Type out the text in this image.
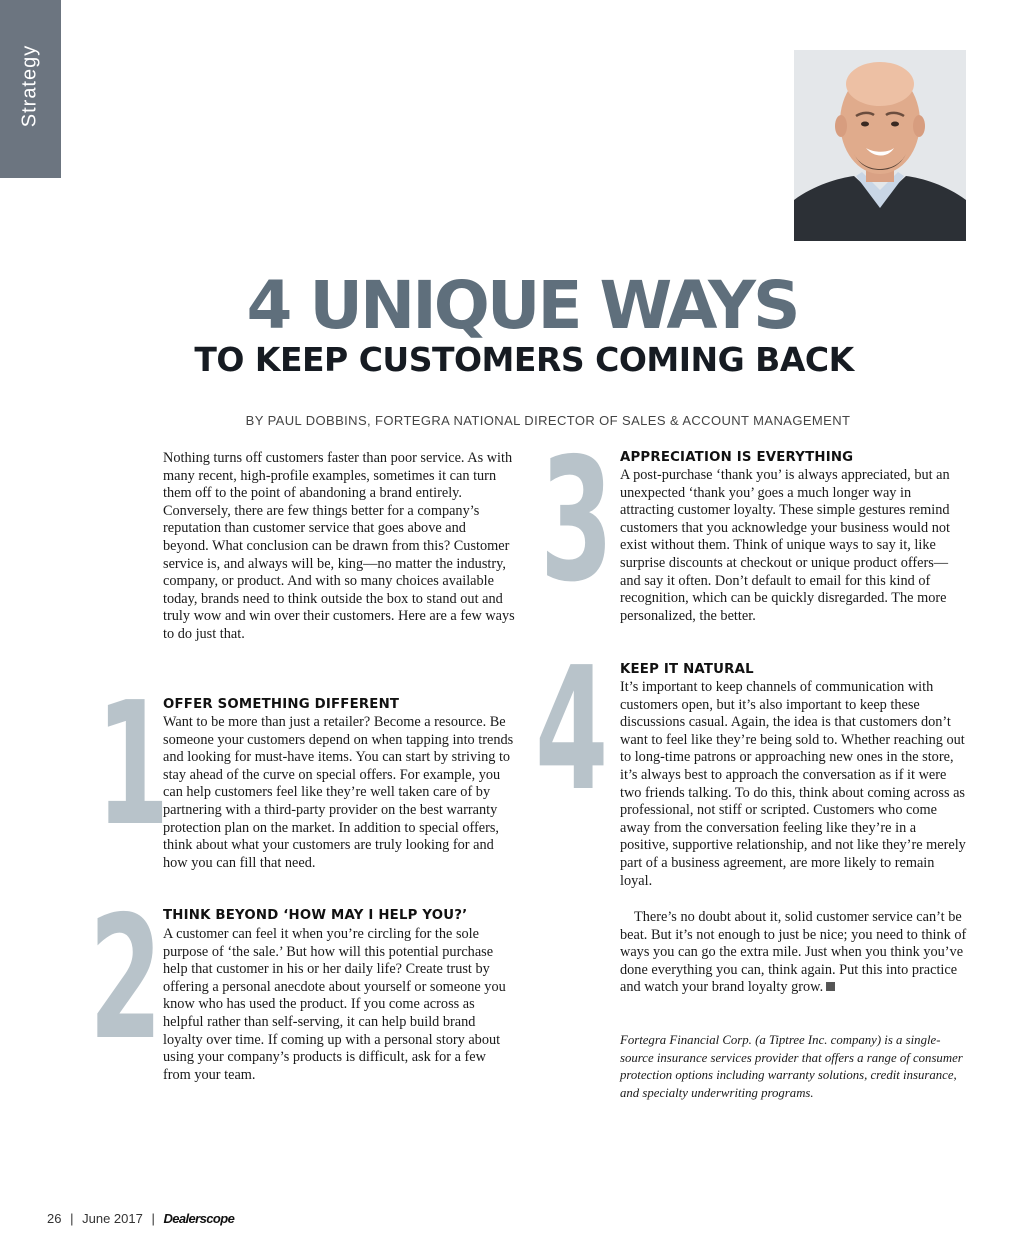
Strategy
4 UNIQUE WAYS
TO KEEP CUSTOMERS COMING BACK
BY PAUL DOBBINS, FORTEGRA NATIONAL DIRECTOR OF SALES & ACCOUNT MANAGEMENT

Nothing turns off customers faster than poor service. As with many recent, high-profile examples, sometimes it can turn them off to the point of abandoning a brand entirely. Conversely, there are few things better for a company’s reputation than customer service that goes above and beyond. What conclusion can be drawn from this? Customer service is, and always will be, king—no matter the industry, company, or product. And with so many choices available today, brands need to think outside the box to stand out and truly wow and win over their customers. Here are a few ways to do just that.

1
OFFER SOMETHING DIFFERENT

Want to be more than just a retailer? Become a resource. Be someone your customers depend on when tapping into trends and looking for must-have items. You can start by striving to stay ahead of the curve on special offers. For example, you can help customers feel like they’re well taken care of by partnering with a third-party provider on the best warranty protection plan on the market. In addition to special offers, think about what your customers are truly looking for and how you can fill that need.

2 THINK BEYOND ‘HOW MAY I HELP YOU?’

A customer can feel it when you’re circling for the sole purpose of ‘the sale.’ But how will this potential purchase help that customer in his or her daily life? Create trust by offering a personal anecdote about yourself or someone you know who has used the product. If you come across as helpful rather than self-serving, it can help build brand loyalty over time. If coming up with a personal story about using your company’s products is difficult, ask for a few from your team.

3 APPRECIATION IS EVERYTHING

A post-purchase ‘thank you’ is always appreciated, but an unexpected ‘thank you’ goes a much longer way in attracting customer loyalty. These simple gestures remind customers that you acknowledge your business would not exist without them. Think of unique ways to say it, like surprise discounts at checkout or unique product offers—and say it often. Don’t default to email for this kind of recognition, which can be quickly disregarded. The more personalized, the better.

4 KEEP IT NATURAL

It’s important to keep channels of communication with customers open, but it’s also important to keep these discussions casual. Again, the idea is that customers don’t want to feel like they’re being sold to. Whether reaching out to long-time patrons or approaching new ones in the store, it’s always best to approach the conversation as if it were two friends talking. To do this, think about coming across as professional, not stiff or scripted. Customers who come away from the conversation feeling like they’re in a positive, supportive relationship, and not like they’re merely part of a business agreement, are more likely to remain loyal.

There’s no doubt about it, solid customer service can’t be beat. But it’s not enough to just be nice; you need to think of ways you can go the extra mile. Just when you think you’ve done everything you can, think again. Put this into practice and watch your brand loyalty grow.

Fortegra Financial Corp. (a Tiptree Inc. company) is a single-source insurance services provider that offers a range of consumer protection options including warranty solutions, credit insurance, and specialty underwriting programs.

26 | June 2017 | Dealerscope
